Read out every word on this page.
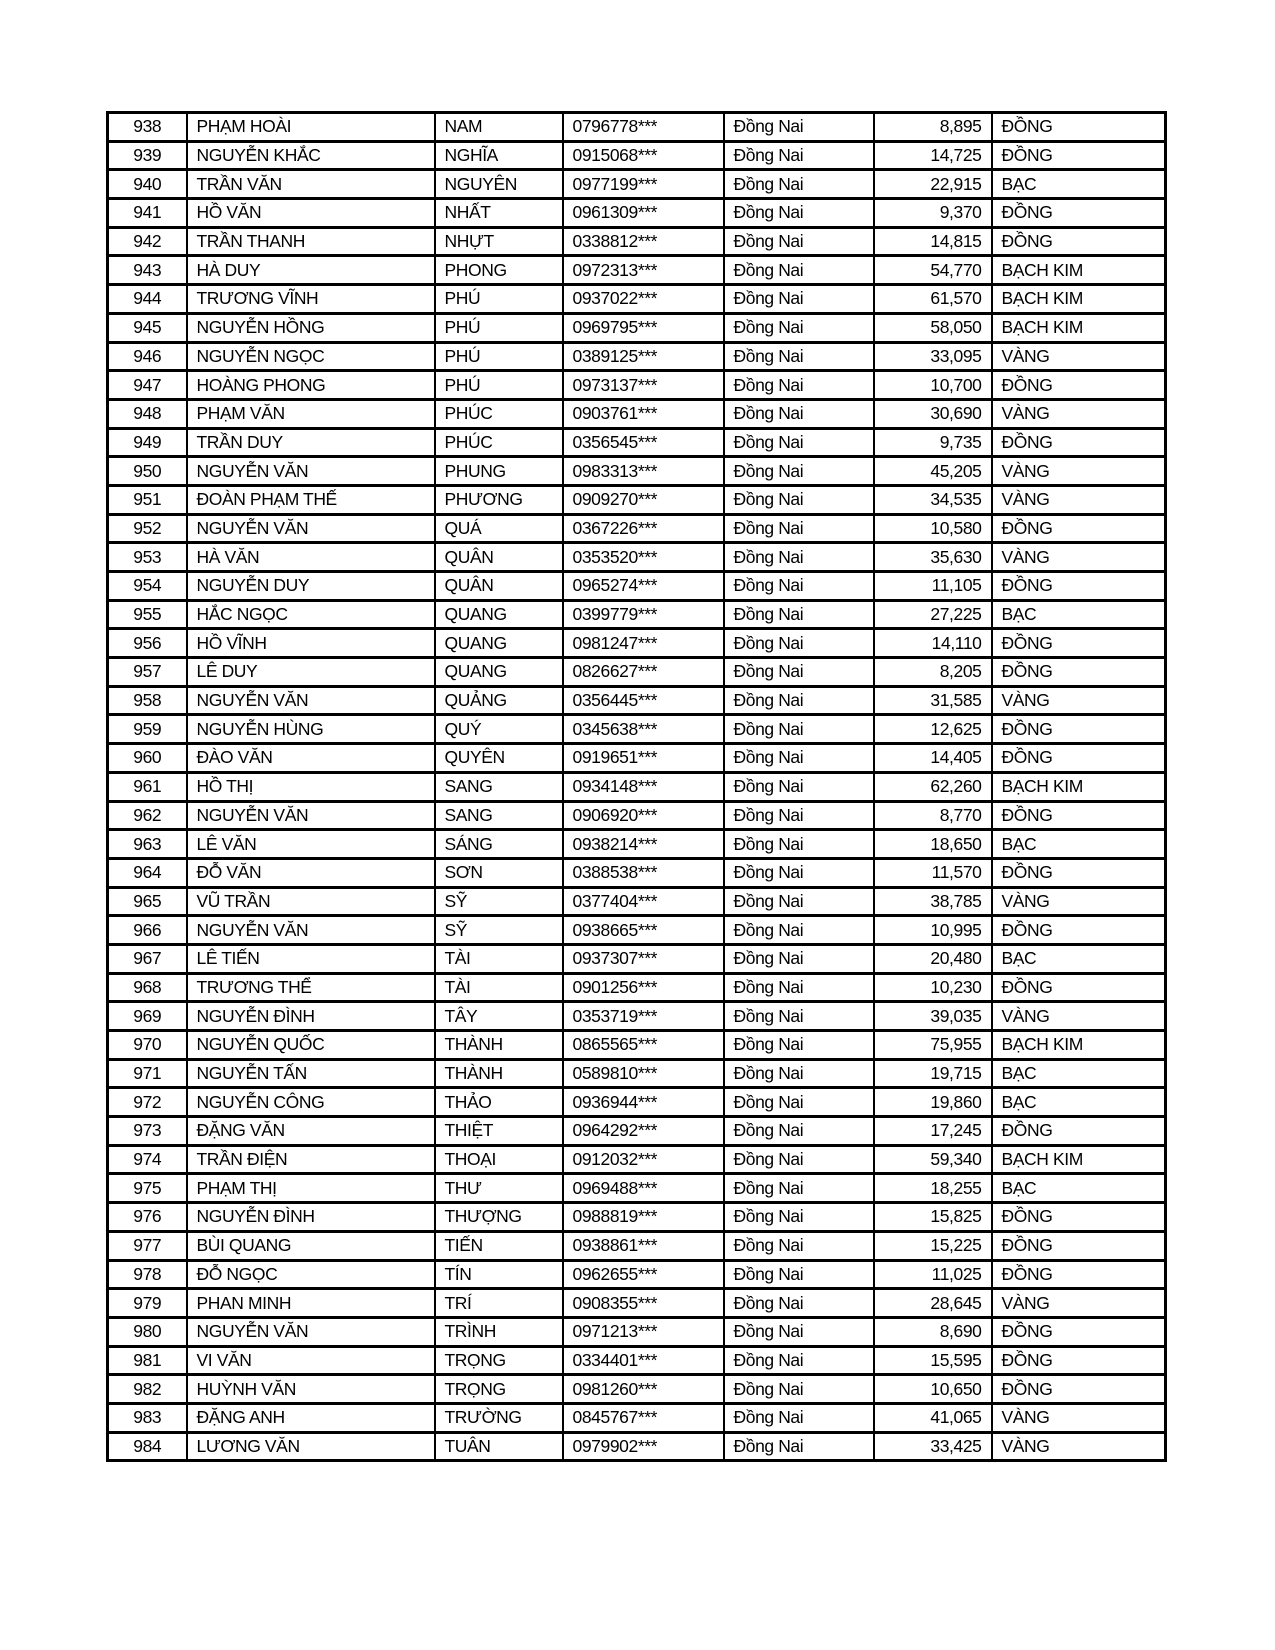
938	PHẠM HOÀI	NAM	0796778***	Đồng Nai	8,895	ĐỒNG
939	NGUYỄN KHẮC	NGHĨA	0915068***	Đồng Nai	14,725	ĐỒNG
940	TRẦN VĂN	NGUYÊN	0977199***	Đồng Nai	22,915	BẠC
941	HỒ VĂN	NHẤT	0961309***	Đồng Nai	9,370	ĐỒNG
942	TRẦN THANH	NHỰT	0338812***	Đồng Nai	14,815	ĐỒNG
943	HÀ DUY	PHONG	0972313***	Đồng Nai	54,770	BẠCH KIM
944	TRƯƠNG VĨNH	PHÚ	0937022***	Đồng Nai	61,570	BẠCH KIM
945	NGUYỄN HỒNG	PHÚ	0969795***	Đồng Nai	58,050	BẠCH KIM
946	NGUYỄN NGỌC	PHÚ	0389125***	Đồng Nai	33,095	VÀNG
947	HOÀNG PHONG	PHÚ	0973137***	Đồng Nai	10,700	ĐỒNG
948	PHẠM VĂN	PHÚC	0903761***	Đồng Nai	30,690	VÀNG
949	TRẦN DUY	PHÚC	0356545***	Đồng Nai	9,735	ĐỒNG
950	NGUYỄN VĂN	PHUNG	0983313***	Đồng Nai	45,205	VÀNG
951	ĐOÀN PHẠM THẾ	PHƯƠNG	0909270***	Đồng Nai	34,535	VÀNG
952	NGUYỄN VĂN	QUÁ	0367226***	Đồng Nai	10,580	ĐỒNG
953	HÀ VĂN	QUÂN	0353520***	Đồng Nai	35,630	VÀNG
954	NGUYỄN DUY	QUÂN	0965274***	Đồng Nai	11,105	ĐỒNG
955	HẮC NGỌC	QUANG	0399779***	Đồng Nai	27,225	BẠC
956	HỒ VĨNH	QUANG	0981247***	Đồng Nai	14,110	ĐỒNG
957	LÊ DUY	QUANG	0826627***	Đồng Nai	8,205	ĐỒNG
958	NGUYỄN VĂN	QUẢNG	0356445***	Đồng Nai	31,585	VÀNG
959	NGUYỄN HÙNG	QUÝ	0345638***	Đồng Nai	12,625	ĐỒNG
960	ĐÀO VĂN	QUYÊN	0919651***	Đồng Nai	14,405	ĐỒNG
961	HỒ THỊ	SANG	0934148***	Đồng Nai	62,260	BẠCH KIM
962	NGUYỄN VĂN	SANG	0906920***	Đồng Nai	8,770	ĐỒNG
963	LÊ VĂN	SÁNG	0938214***	Đồng Nai	18,650	BẠC
964	ĐỖ VĂN	SƠN	0388538***	Đồng Nai	11,570	ĐỒNG
965	VŨ TRẦN	SỸ	0377404***	Đồng Nai	38,785	VÀNG
966	NGUYỄN VĂN	SỸ	0938665***	Đồng Nai	10,995	ĐỒNG
967	LÊ TIẾN	TÀI	0937307***	Đồng Nai	20,480	BẠC
968	TRƯƠNG THỂ	TÀI	0901256***	Đồng Nai	10,230	ĐỒNG
969	NGUYỄN ĐÌNH	TÂY	0353719***	Đồng Nai	39,035	VÀNG
970	NGUYỄN QUỐC	THÀNH	0865565***	Đồng Nai	75,955	BẠCH KIM
971	NGUYỄN TẤN	THÀNH	0589810***	Đồng Nai	19,715	BẠC
972	NGUYỄN CÔNG	THẢO	0936944***	Đồng Nai	19,860	BẠC
973	ĐẶNG VĂN	THIỆT	0964292***	Đồng Nai	17,245	ĐỒNG
974	TRẦN ĐIỆN	THOẠI	0912032***	Đồng Nai	59,340	BẠCH KIM
975	PHẠM THỊ	THƯ	0969488***	Đồng Nai	18,255	BẠC
976	NGUYỄN ĐÌNH	THƯỢNG	0988819***	Đồng Nai	15,825	ĐỒNG
977	BÙI QUANG	TIẾN	0938861***	Đồng Nai	15,225	ĐỒNG
978	ĐỖ NGỌC	TÍN	0962655***	Đồng Nai	11,025	ĐỒNG
979	PHAN MINH	TRÍ	0908355***	Đồng Nai	28,645	VÀNG
980	NGUYỄN VĂN	TRÌNH	0971213***	Đồng Nai	8,690	ĐỒNG
981	VI VĂN	TRỌNG	0334401***	Đồng Nai	15,595	ĐỒNG
982	HUỲNH VĂN	TRỌNG	0981260***	Đồng Nai	10,650	ĐỒNG
983	ĐẶNG ANH	TRƯỜNG	0845767***	Đồng Nai	41,065	VÀNG
984	LƯƠNG VĂN	TUÂN	0979902***	Đồng Nai	33,425	VÀNG
